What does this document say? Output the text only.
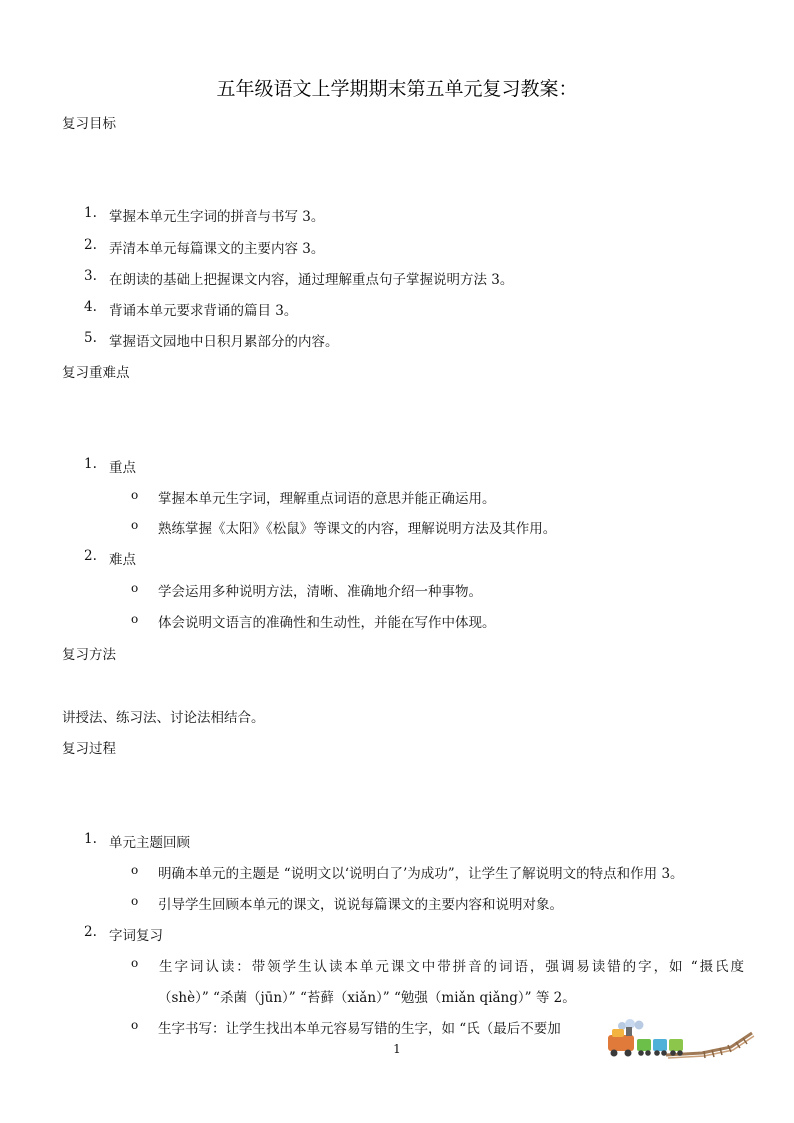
五年级语文上学期期末第五单元复习教案：
复习目标
1. 掌握本单元生字词的拼音与书写 3。
2. 弄清本单元每篇课文的主要内容 3。
3. 在朗读的基础上把握课文内容，通过理解重点句子掌握说明方法 3。
4. 背诵本单元要求背诵的篇目 3。
5. 掌握语文园地中日积月累部分的内容。
复习重难点
1. 重点
o 掌握本单元生字词，理解重点词语的意思并能正确运用。
o 熟练掌握《太阳》《松鼠》等课文的内容，理解说明方法及其作用。
2. 难点
o 学会运用多种说明方法，清晰、准确地介绍一种事物。
o 体会说明文语言的准确性和生动性，并能在写作中体现。
复习方法
讲授法、练习法、讨论法相结合。
复习过程
1. 单元主题回顾
o 明确本单元的主题是 “说明文以‘说明白了’为成功”，让学生了解说明文的特点和作用 3。
o 引导学生回顾本单元的课文，说说每篇课文的主要内容和说明对象。
2. 字词复习
o 生字词认读：带领学生认读本单元课文中带拼音的词语，强调易读错的字，如 “摄氏度
（shè）” “杀菌（jūn）” “苔藓（xiǎn）” “勉强（miǎn qiǎng）” 等 2。
o 生字书写：让学生找出本单元容易写错的生字，如 “氏（最后不要加
1
